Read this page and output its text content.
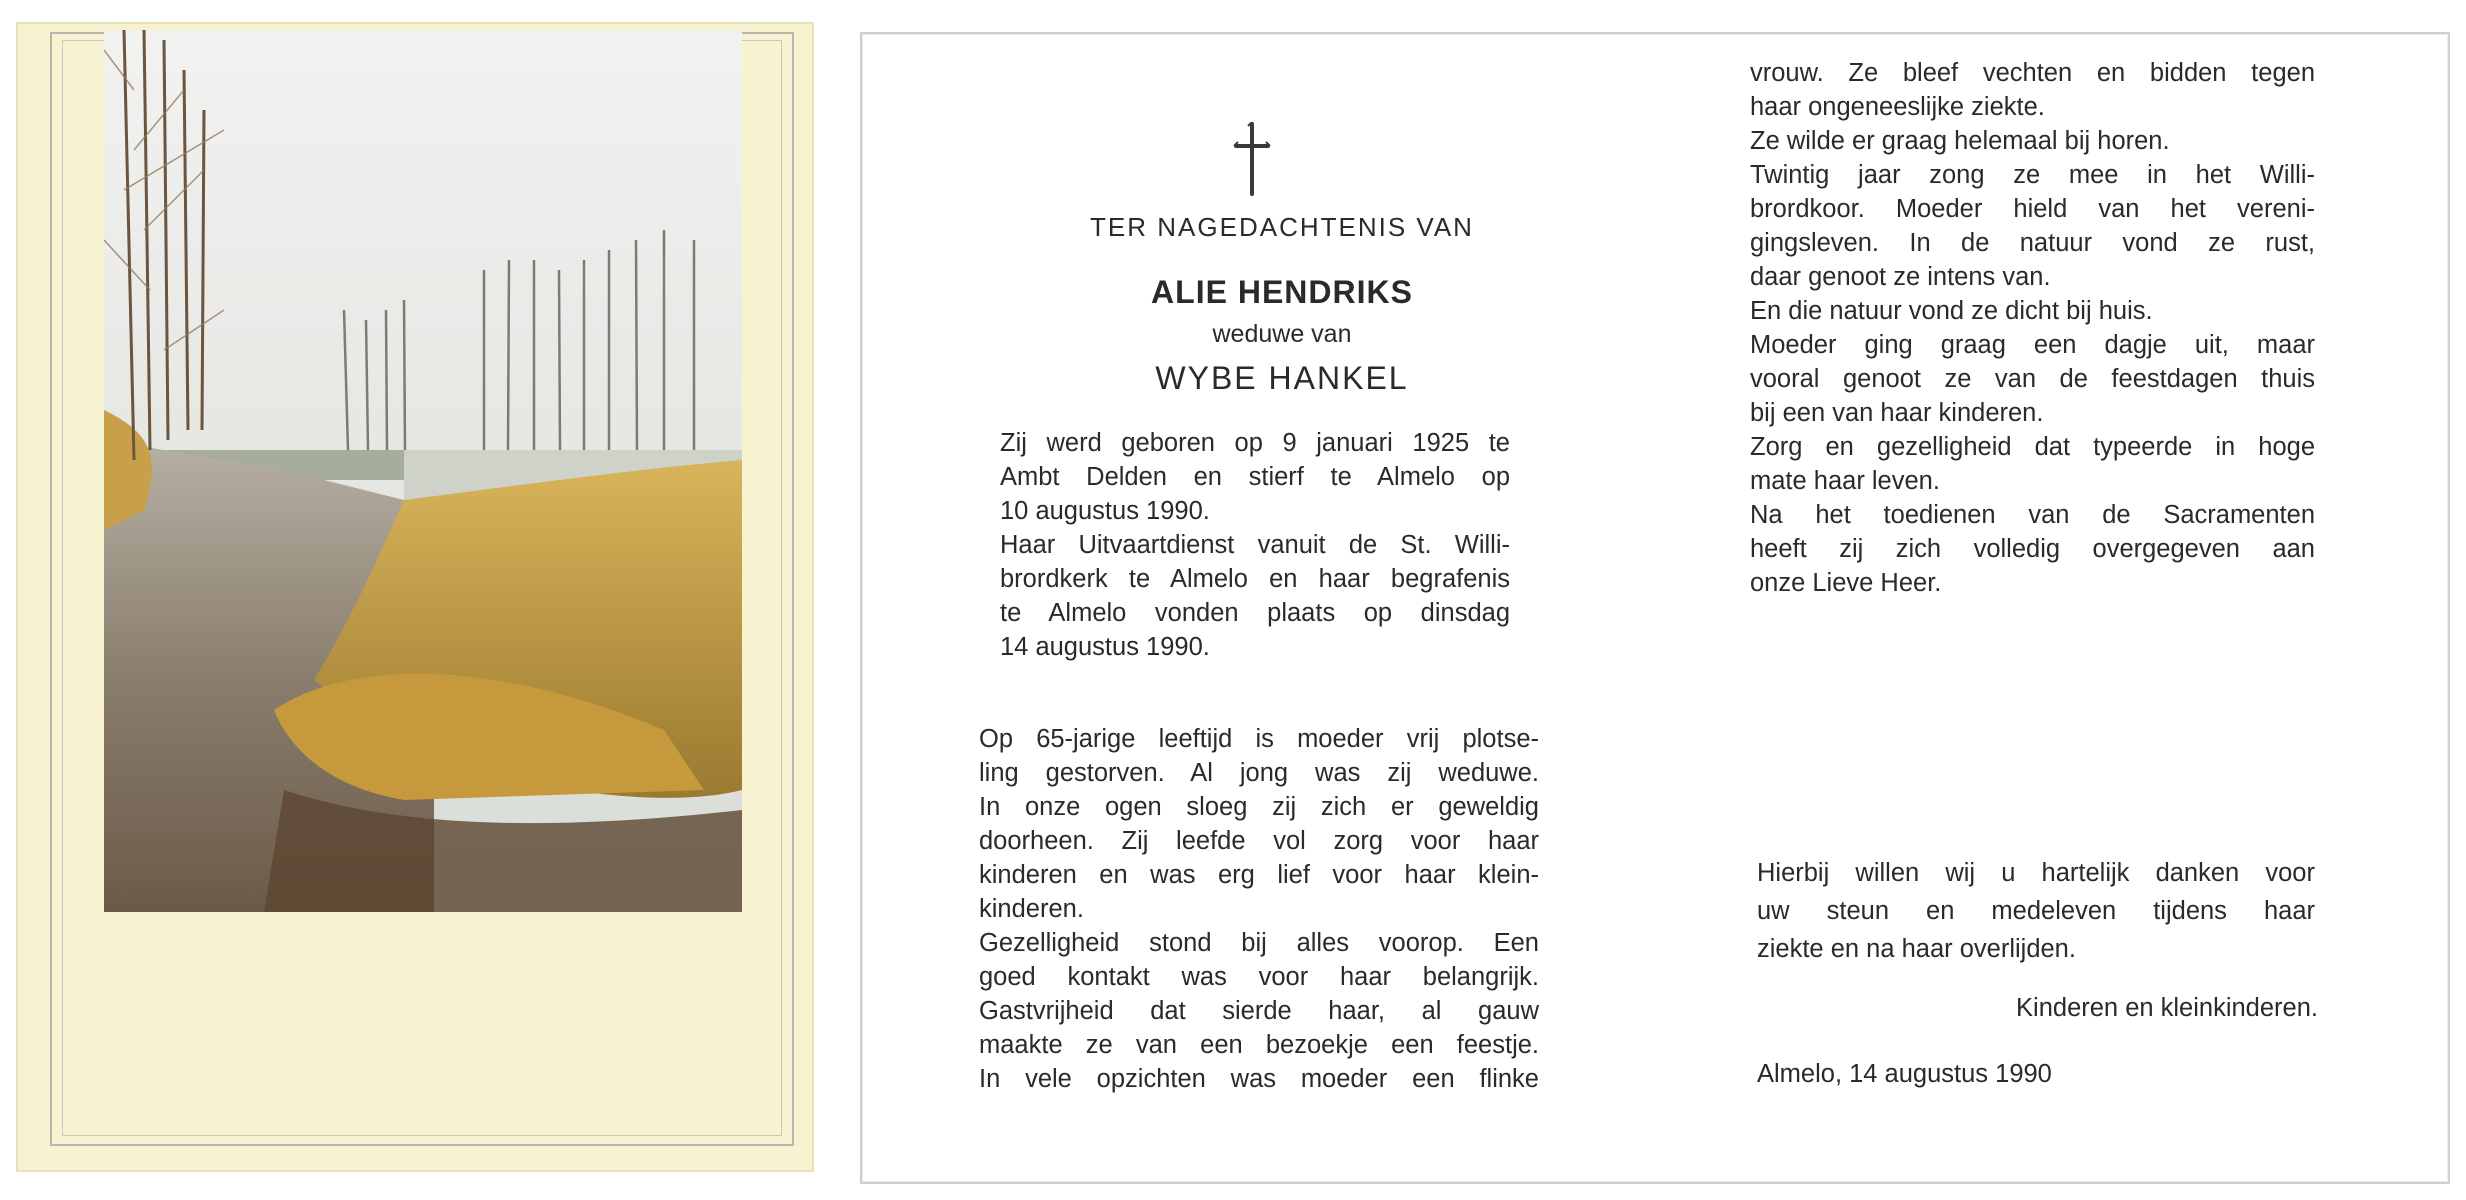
TER NAGEDACHTENIS VAN
ALIE HENDRIKS
weduwe van
WYBE HANKEL

Zij werd geboren op 9 januari 1925 te

Ambt Delden en stierf te Almelo op

10 augustus 1990.

Haar Uitvaartdienst vanuit de St. Willi-

brordkerk te Almelo en haar begrafenis

te Almelo vonden plaats op dinsdag

14 augustus 1990.

Op 65-jarige leeftijd is moeder vrij plotse-

ling gestorven. Al jong was zij weduwe.

In onze ogen sloeg zij zich er geweldig

doorheen. Zij leefde vol zorg voor haar

kinderen en was erg lief voor haar klein-

kinderen.

Gezelligheid stond bij alles voorop. Een

goed kontakt was voor haar belangrijk.

Gastvrijheid dat sierde haar, al gauw

maakte ze van een bezoekje een feestje.

In vele opzichten was moeder een flinke

vrouw. Ze bleef vechten en bidden tegen

haar ongeneeslijke ziekte.

Ze wilde er graag helemaal bij horen.

Twintig jaar zong ze mee in het Willi-

brordkoor. Moeder hield van het vereni-

gingsleven. In de natuur vond ze rust,

daar genoot ze intens van.

En die natuur vond ze dicht bij huis.

Moeder ging graag een dagje uit, maar

vooral genoot ze van de feestdagen thuis

bij een van haar kinderen.

Zorg en gezelligheid dat typeerde in hoge

mate haar leven.

Na het toedienen van de Sacramenten

heeft zij zich volledig overgegeven aan

onze Lieve Heer.

Hierbij willen wij u hartelijk danken voor

uw steun en medeleven tijdens haar

ziekte en na haar overlijden.

Kinderen en kleinkinderen.
Almelo, 14 augustus 1990
